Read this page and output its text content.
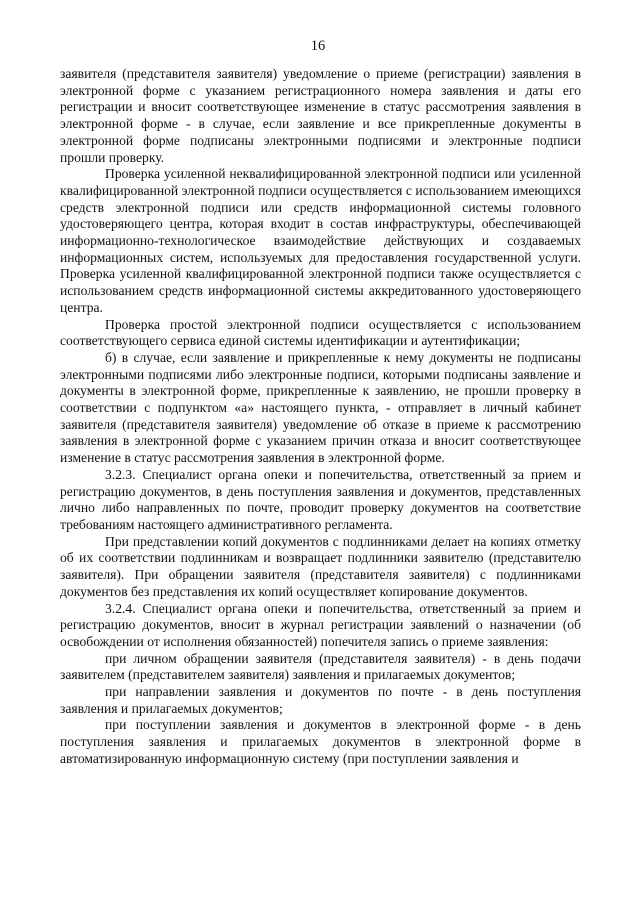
16

заявителя (представителя заявителя) уведомление о приеме (регистрации) заявления в электронной форме с указанием регистрационного номера заявления и даты его регистрации и вносит соответствующее изменение в статус рассмотрения заявления в электронной форме - в случае, если заявление и все прикрепленные документы в электронной форме подписаны электронными подписями и электронные подписи прошли проверку.

Проверка усиленной неквалифицированной электронной подписи или усиленной квалифицированной электронной подписи осуществляется с использованием имеющихся средств электронной подписи или средств информационной системы головного удостоверяющего центра, которая входит в состав инфраструктуры, обеспечивающей информационно-технологическое взаимодействие действующих и создаваемых информационных систем, используемых для предоставления государственной услуги. Проверка усиленной квалифицированной электронной подписи также осуществляется с использованием средств информационной системы аккредитованного удостоверяющего центра.

Проверка простой электронной подписи осуществляется с использованием соответствующего сервиса единой системы идентификации и аутентификации;

б) в случае, если заявление и прикрепленные к нему документы не подписаны электронными подписями либо электронные подписи, которыми подписаны заявление и документы в электронной форме, прикрепленные к заявлению, не прошли проверку в соответствии с подпунктом «а» настоящего пункта, - отправляет в личный кабинет заявителя (представителя заявителя) уведомление об отказе в приеме к рассмотрению заявления в электронной форме с указанием причин отказа и вносит соответствующее изменение в статус рассмотрения заявления в электронной форме.

3.2.3. Специалист органа опеки и попечительства, ответственный за прием и регистрацию документов, в день поступления заявления и документов, представленных лично либо направленных по почте, проводит проверку документов на соответствие требованиям настоящего административного регламента.

При представлении копий документов с подлинниками делает на копиях отметку об их соответствии подлинникам и возвращает подлинники заявителю (представителю заявителя). При обращении заявителя (представителя заявителя) с подлинниками документов без представления их копий осуществляет копирование документов.

3.2.4. Специалист органа опеки и попечительства, ответственный за прием и регистрацию документов, вносит в журнал регистрации заявлений о назначении (об освобождении от исполнения обязанностей) попечителя запись о приеме заявления:

при личном обращении заявителя (представителя заявителя) - в день подачи заявителем (представителем заявителя) заявления и прилагаемых документов;

при направлении заявления и документов по почте - в день поступления заявления и прилагаемых документов;

при поступлении заявления и документов в электронной форме - в день поступления заявления и прилагаемых документов в электронной форме в автоматизированную информационную систему (при поступлении заявления и
